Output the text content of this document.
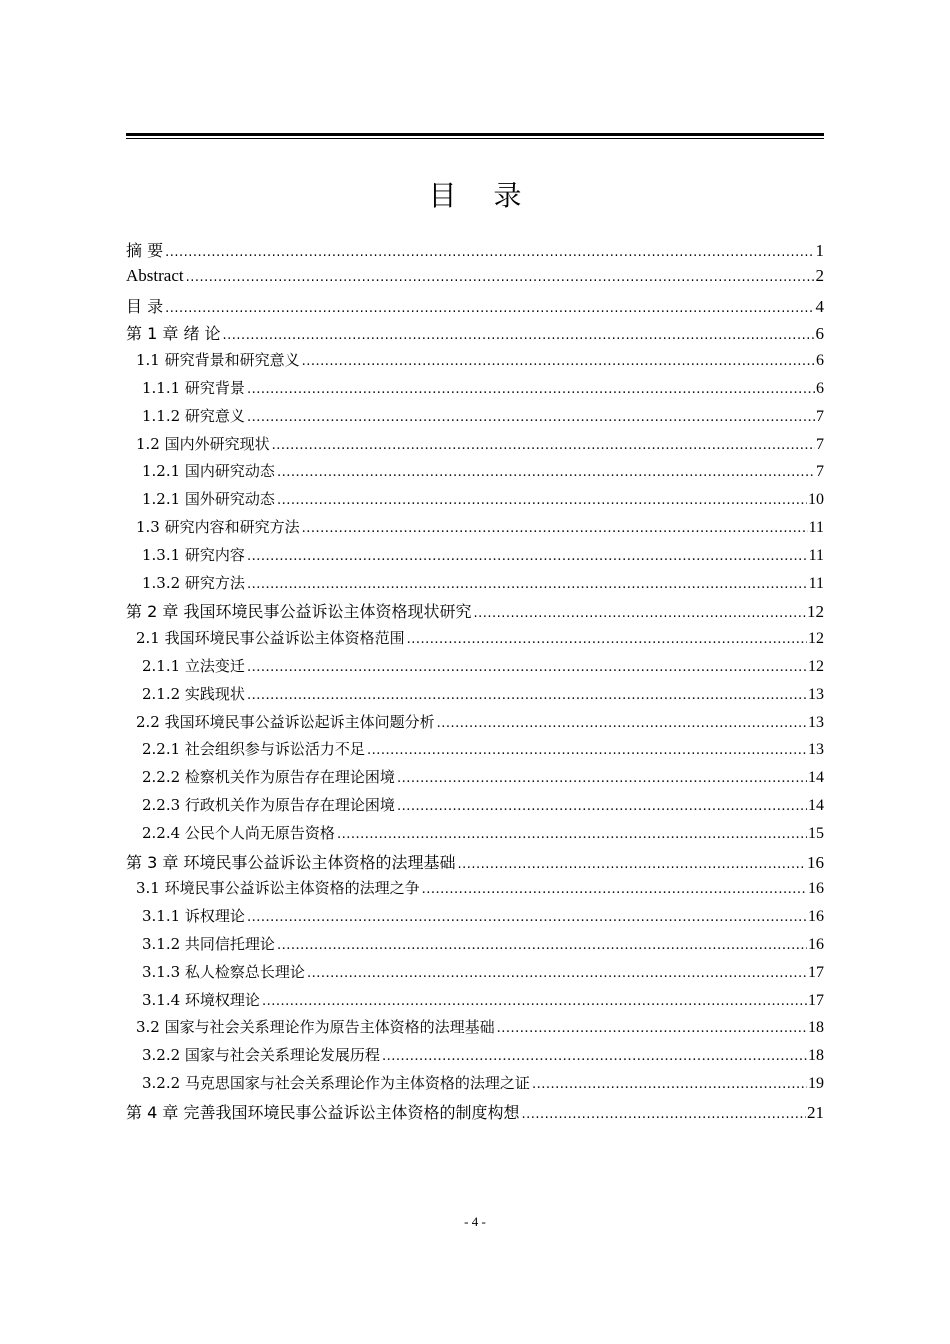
目 录
摘 要 .....	1
Abstract .....	2
目 录 .....	4
第 1 章 绪 论 .....	6
1.1 研究背景和研究意义 .....	6
1.1.1 研究背景 .....	6
1.1.2 研究意义 .....	7
1.2 国内外研究现状 .....	7
1.2.1 国内研究动态 .....	7
1.2.1 国外研究动态 .....	10
1.3 研究内容和研究方法 .....	11
1.3.1 研究内容 .....	11
1.3.2 研究方法 .....	11
第 2 章 我国环境民事公益诉讼主体资格现状研究 .....	12
2.1 我国环境民事公益诉讼主体资格范围 .....	12
2.1.1 立法变迁 .....	12
2.1.2 实践现状 .....	13
2.2 我国环境民事公益诉讼起诉主体问题分析 .....	13
2.2.1 社会组织参与诉讼活力不足 .....	13
2.2.2 检察机关作为原告存在理论困境 .....	14
2.2.3 行政机关作为原告存在理论困境 .....	14
2.2.4 公民个人尚无原告资格 .....	15
第 3 章 环境民事公益诉讼主体资格的法理基础 .....	16
3.1 环境民事公益诉讼主体资格的法理之争 .....	16
3.1.1 诉权理论 .....	16
3.1.2 共同信托理论 .....	16
3.1.3 私人检察总长理论 .....	17
3.1.4 环境权理论 .....	17
3.2 国家与社会关系理论作为原告主体资格的法理基础 .....	18
3.2.2 国家与社会关系理论发展历程 .....	18
3.2.2 马克思国家与社会关系理论作为主体资格的法理之证 .....	19
第 4 章 完善我国环境民事公益诉讼主体资格的制度构想 .....	21
- 4 -
